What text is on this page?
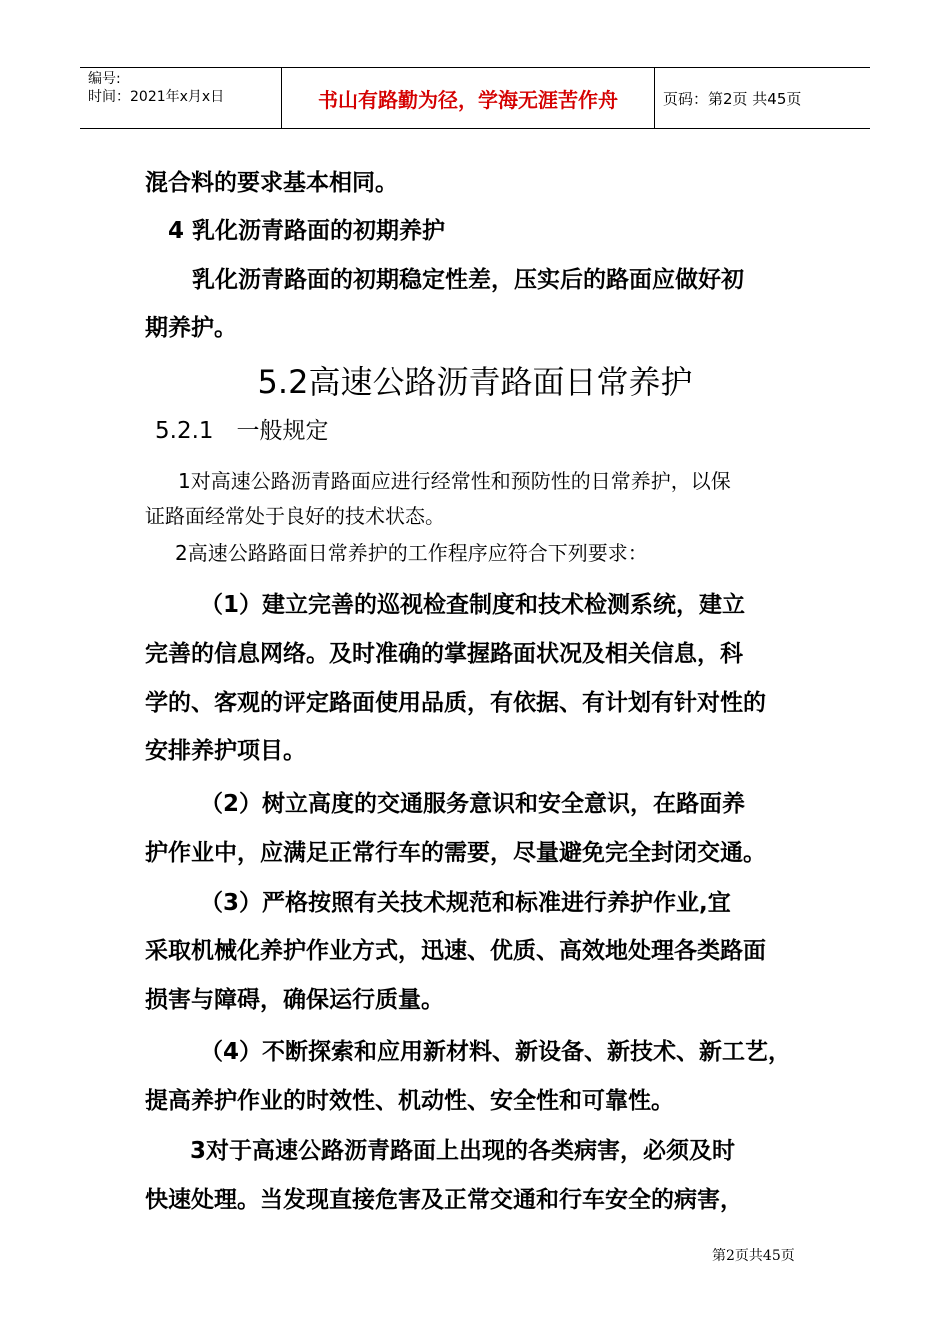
编号:
时间：2021年x月x日	书山有路勤为径，学海无涯苦作舟	页码：第2页 共45页
混合料的要求基本相同。
4 乳化沥青路面的初期养护
乳化沥青路面的初期稳定性差，压实后的路面应做好初
期养护。
5.2高速公路沥青路面日常养护
5.2.1　一般规定
1对高速公路沥青路面应进行经常性和预防性的日常养护，以保
证路面经常处于良好的技术状态。
2高速公路路面日常养护的工作程序应符合下列要求：
（1）建立完善的巡视检查制度和技术检测系统，建立
完善的信息网络。及时准确的掌握路面状况及相关信息，科
学的、客观的评定路面使用品质，有依据、有计划有针对性的
安排养护项目。
（2）树立高度的交通服务意识和安全意识，在路面养
护作业中，应满足正常行车的需要，尽量避免完全封闭交通。
（3）严格按照有关技术规范和标准进行养护作业,宜
采取机械化养护作业方式，迅速、优质、高效地处理各类路面
损害与障碍，确保运行质量。
（4）不断探索和应用新材料、新设备、新技术、新工艺，
提高养护作业的时效性、机动性、安全性和可靠性。
3对于高速公路沥青路面上出现的各类病害，必须及时
快速处理。当发现直接危害及正常交通和行车安全的病害，
第2页共45页
